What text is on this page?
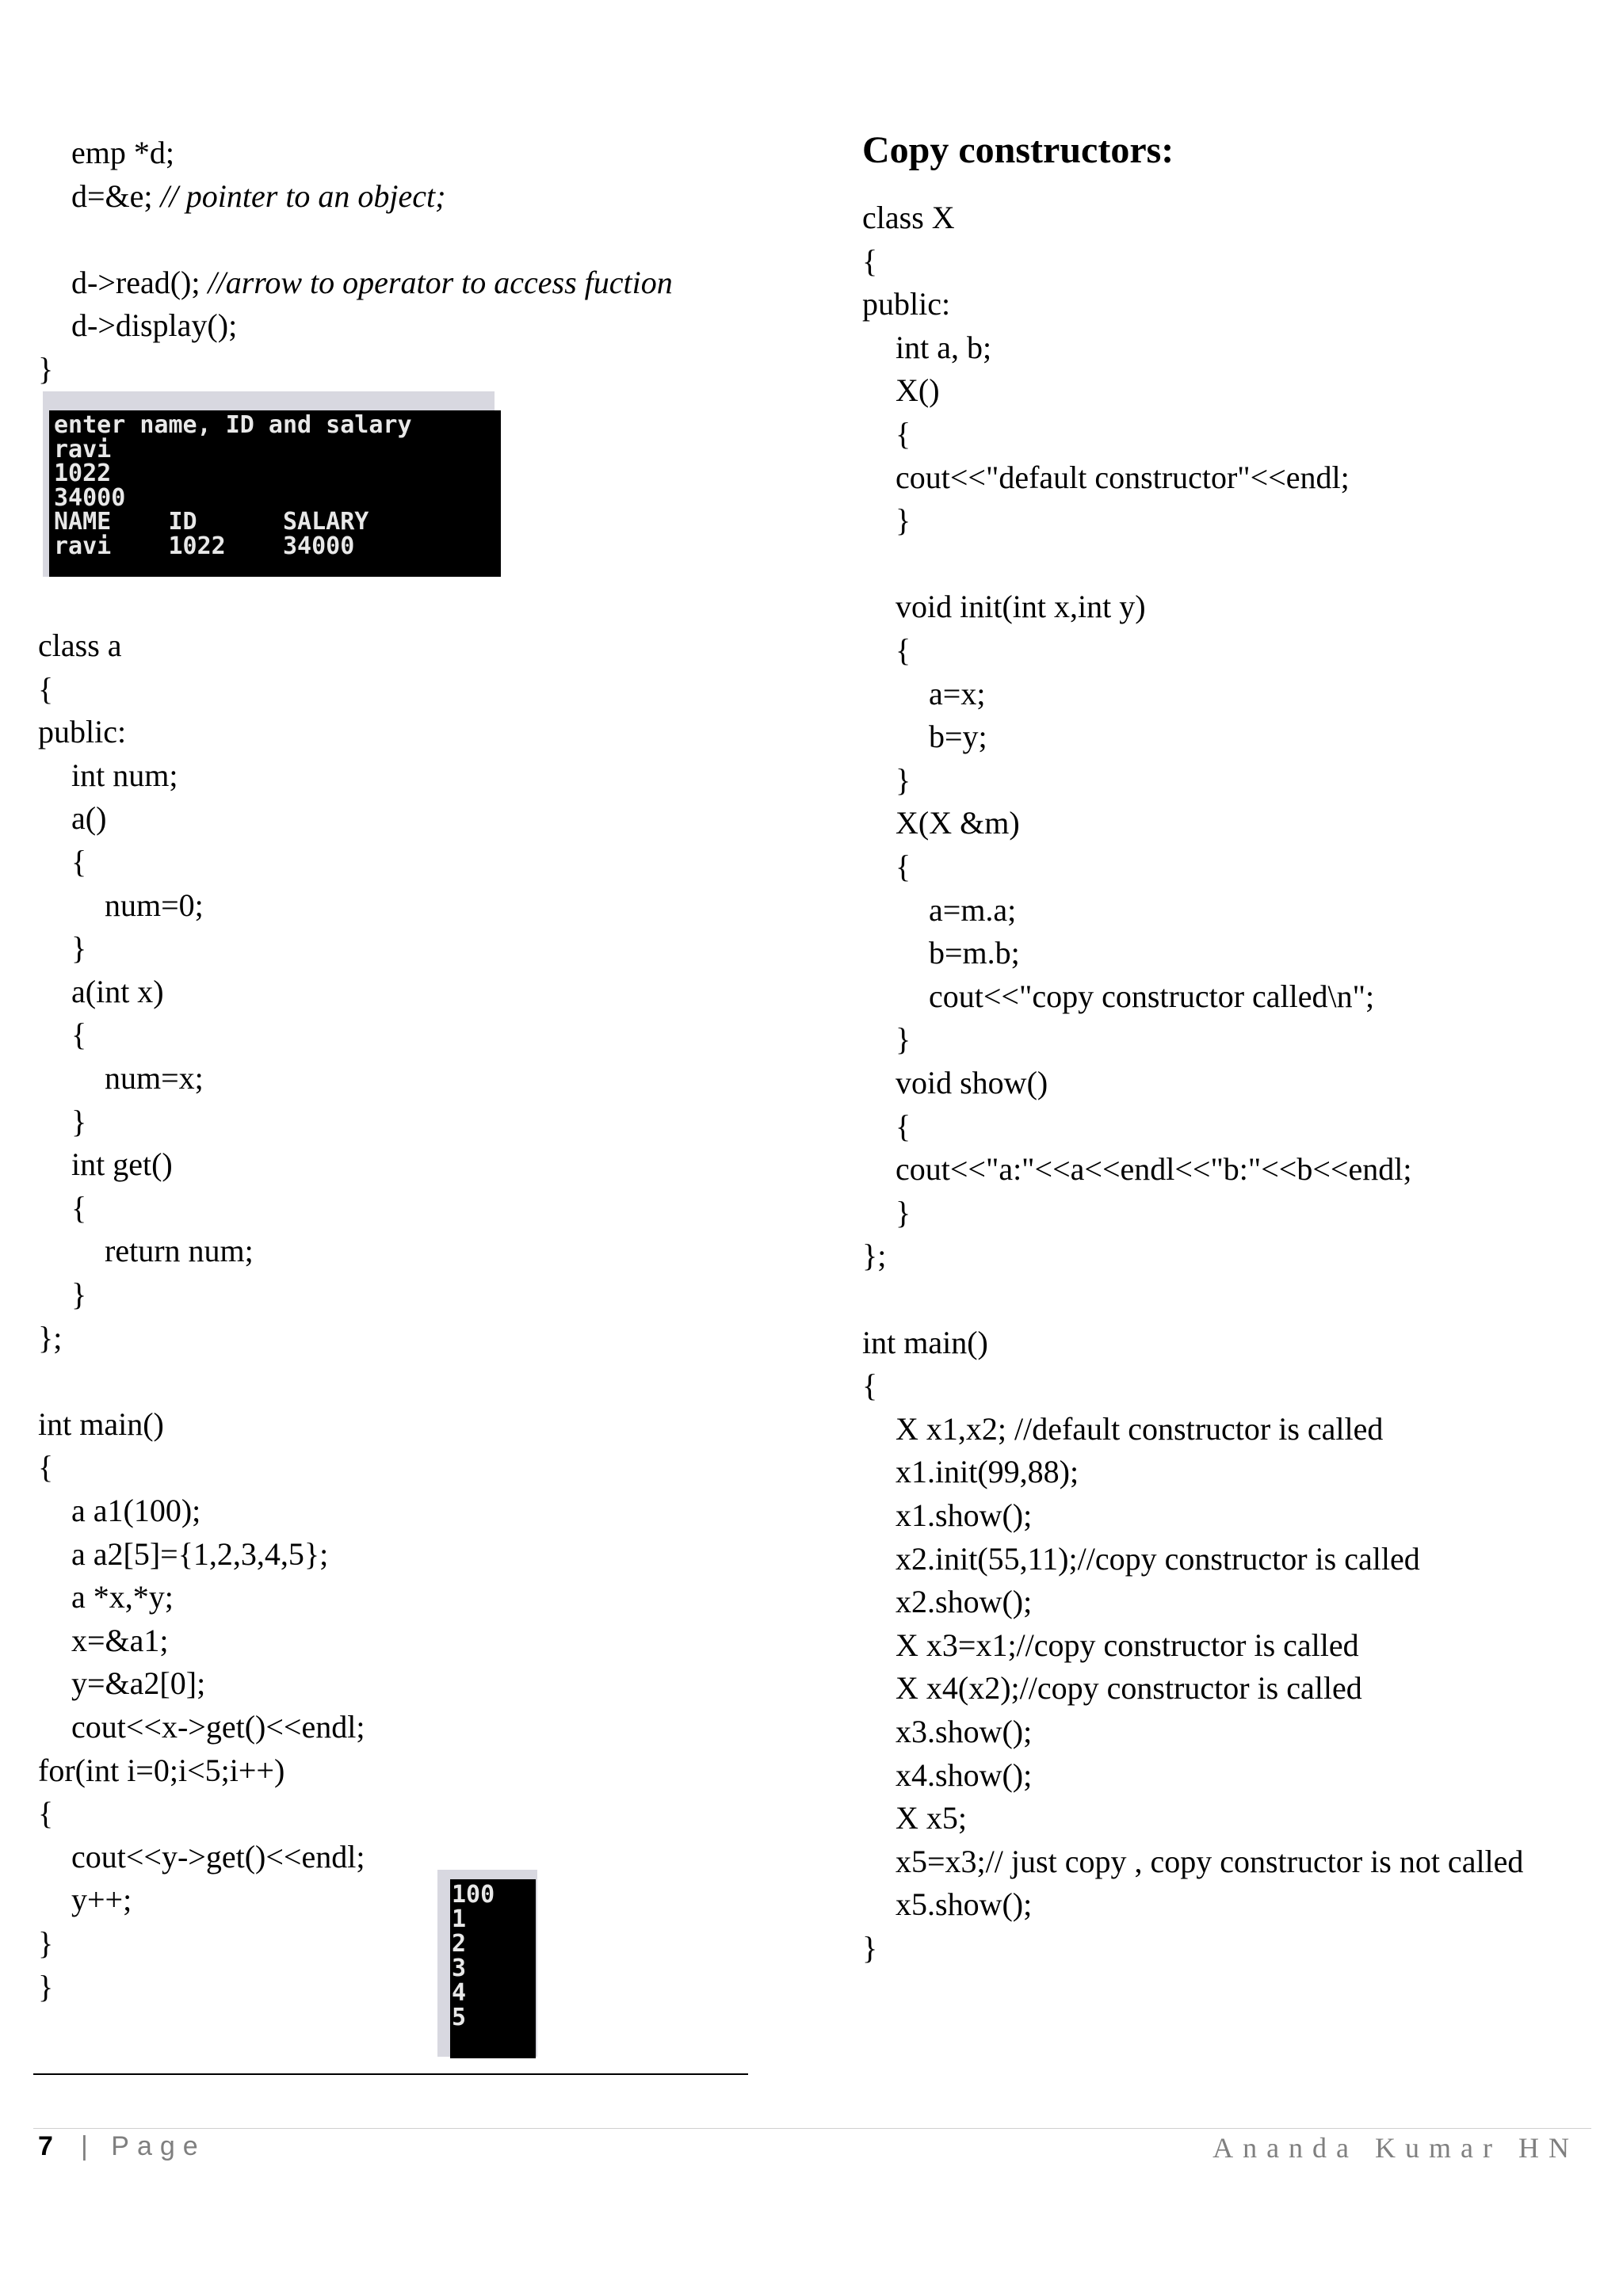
emp *d;
d=&e; // pointer to an object;
d->read(); //arrow to operator to access fuction
d->display();
}
enter name, ID and salary
ravi
1022
34000
NAME    ID      SALARY
ravi    1022    34000
class a
{
public:
int num;
a()
{
num=0;
}
a(int x)
{
num=x;
}
int get()
{
return num;
}
};
int main()
{
a a1(100);
a a2[5]={1,2,3,4,5};
a *x,*y;
x=&a1;
y=&a2[0];
cout<<x->get()<<endl;
for(int i=0;i<5;i++)
{
cout<<y->get()<<endl;
y++;
}
}
100
1
2
3
4
5
Copy constructors:
class X
{
public:
int a, b;
X()
{
cout<<"default constructor"<<endl;
}
void init(int x,int y)
{
a=x;
b=y;
}
X(X &m)
{
a=m.a;
b=m.b;
cout<<"copy constructor called\n";
}
void show()
{
cout<<"a:"<<a<<endl<<"b:"<<b<<endl;
}
};
int main()
{
X x1,x2; //default constructor is called
x1.init(99,88);
x1.show();
x2.init(55,11);//copy constructor is called
x2.show();
X x3=x1;//copy constructor is called
X x4(x2);//copy constructor is called
x3.show();
x4.show();
X x5;
x5=x3;// just copy , copy constructor is not called
x5.show();
}
7 | Page	Ananda Kumar HN
